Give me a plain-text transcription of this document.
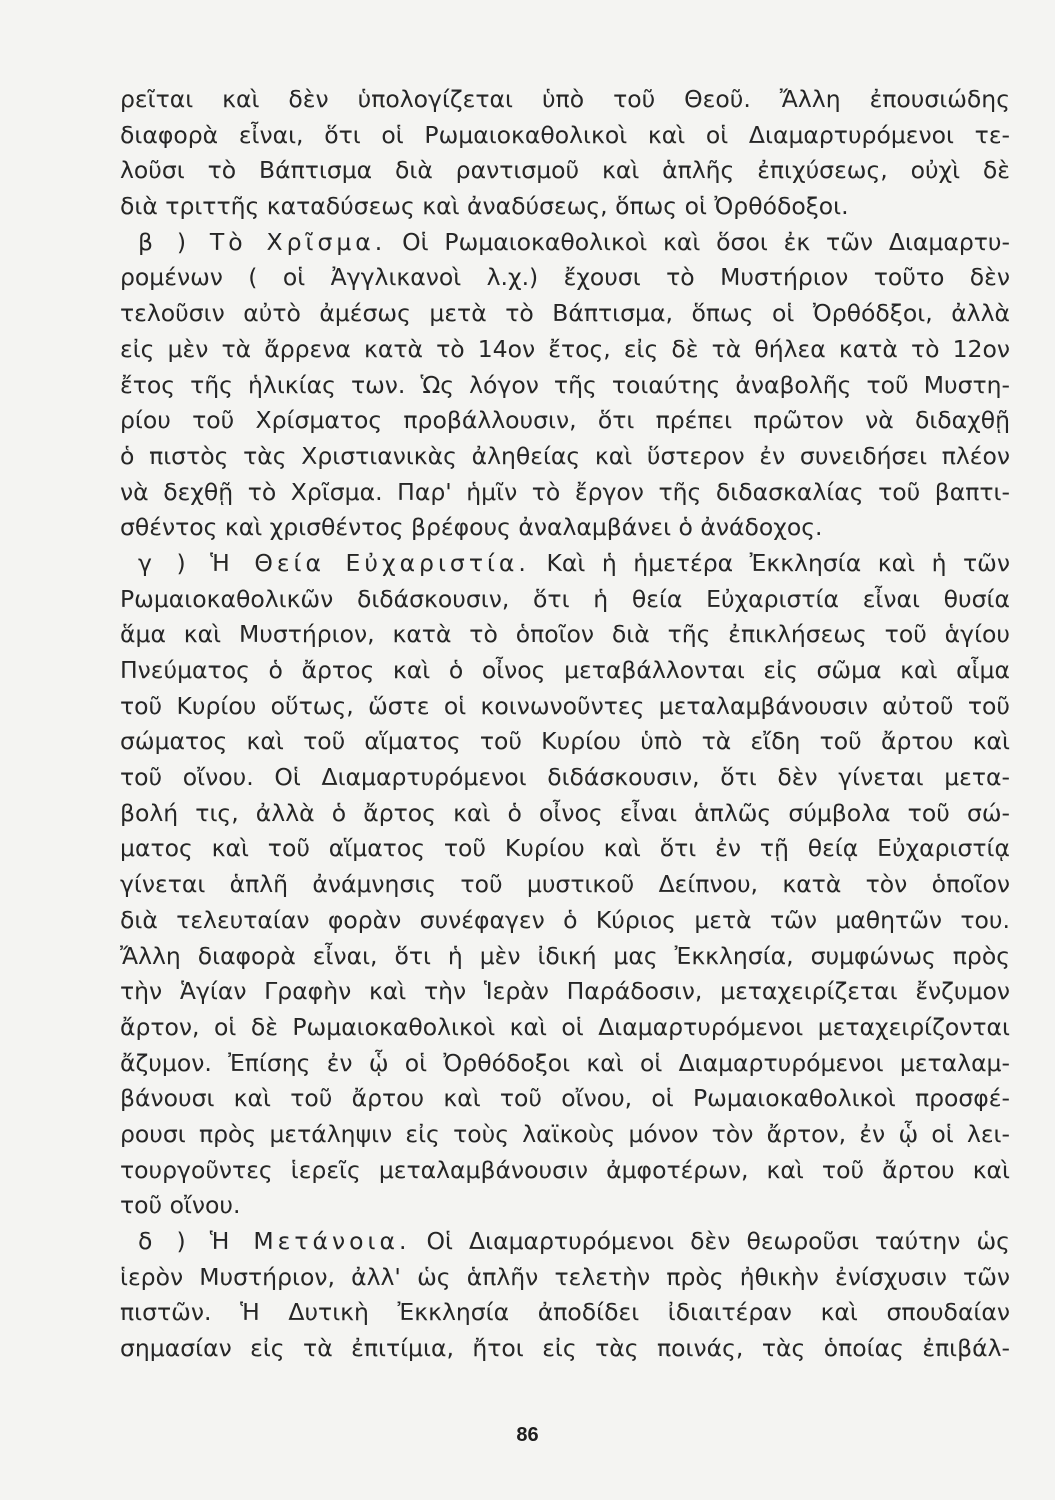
ρεῖται καὶ δὲν ὑπολογίζεται ὑπὸ τοῦ Θεοῦ. Ἄλλη ἐπουσιώδης
διαφορὰ εἶναι, ὅτι οἱ Ρωμαιοκαθολικοὶ καὶ οἱ Διαμαρτυρόμενοι τε-
λοῦσι τὸ Βάπτισμα διὰ ραντισμοῦ καὶ ἁπλῆς ἐπιχύσεως, οὐχὶ δὲ
διὰ τριττῆς καταδύσεως καὶ ἀναδύσεως, ὅπως οἱ Ὀρθόδοξοι.
β ) Τὸ Χρῖσμα. Οἱ Ρωμαιοκαθολικοὶ καὶ ὅσοι ἐκ τῶν Διαμαρτυ-
ρομένων ( οἱ Ἀγγλικανοὶ λ.χ.) ἔχουσι τὸ Μυστήριον τοῦτο δὲν
τελοῦσιν αὐτὸ ἀμέσως μετὰ τὸ Βάπτισμα, ὅπως οἱ Ὀρθόδξοι, ἀλλὰ
εἰς μὲν τὰ ἄρρενα κατὰ τὸ 14ον ἔτος, εἰς δὲ τὰ θήλεα κατὰ τὸ 12ον
ἔτος τῆς ἡλικίας των. Ὡς λόγον τῆς τοιαύτης ἀναβολῆς τοῦ Μυστη-
ρίου τοῦ Χρίσματος προβάλλουσιν, ὅτι πρέπει πρῶτον νὰ διδαχθῇ
ὁ πιστὸς τὰς Χριστιανικὰς ἀληθείας καὶ ὕστερον ἐν συνειδήσει πλέον
νὰ δεχθῇ τὸ Χρῖσμα. Παρ' ἡμῖν τὸ ἔργον τῆς διδασκαλίας τοῦ βαπτι-
σθέντος καὶ χρισθέντος βρέφους ἀναλαμβάνει ὁ ἀνάδοχος.
γ ) Ἡ Θεία Εὐχαριστία. Καὶ ἡ ἡμετέρα Ἐκκλησία καὶ ἡ τῶν
Ρωμαιοκαθολικῶν διδάσκουσιν, ὅτι ἡ θεία Εὐχαριστία εἶναι θυσία
ἅμα καὶ Μυστήριον, κατὰ τὸ ὁποῖον διὰ τῆς ἐπικλήσεως τοῦ ἁγίου
Πνεύματος ὁ ἄρτος καὶ ὁ οἶνος μεταβάλλονται εἰς σῶμα καὶ αἷμα
τοῦ Κυρίου οὕτως, ὥστε οἱ κοινωνοῦντες μεταλαμβάνουσιν αὐτοῦ τοῦ
σώματος καὶ τοῦ αἵματος τοῦ Κυρίου ὑπὸ τὰ εἴδη τοῦ ἄρτου καὶ
τοῦ οἴνου. Οἱ Διαμαρτυρόμενοι διδάσκουσιν, ὅτι δὲν γίνεται μετα-
βολή τις, ἀλλὰ ὁ ἄρτος καὶ ὁ οἶνος εἶναι ἁπλῶς σύμβολα τοῦ σώ-
ματος καὶ τοῦ αἵματος τοῦ Κυρίου καὶ ὅτι ἐν τῇ θείᾳ Εὐχαριστίᾳ
γίνεται ἁπλῆ ἀνάμνησις τοῦ μυστικοῦ Δείπνου, κατὰ τὸν ὁποῖον
διὰ τελευταίαν φορὰν συνέφαγεν ὁ Κύριος μετὰ τῶν μαθητῶν του.
Ἄλλη διαφορὰ εἶναι, ὅτι ἡ μὲν ἰδική μας Ἐκκλησία, συμφώνως πρὸς
τὴν Ἁγίαν Γραφὴν καὶ τὴν Ἱερὰν Παράδοσιν, μεταχειρίζεται ἔνζυμον
ἄρτον, οἱ δὲ Ρωμαιοκαθολικοὶ καὶ οἱ Διαμαρτυρόμενοι μεταχειρίζονται
ἄζυμον. Ἐπίσης ἐν ᾧ οἱ Ὀρθόδοξοι καὶ οἱ Διαμαρτυρόμενοι μεταλαμ-
βάνουσι καὶ τοῦ ἄρτου καὶ τοῦ οἴνου, οἱ Ρωμαιοκαθολικοὶ προσφέ-
ρουσι πρὸς μετάληψιν εἰς τοὺς λαϊκοὺς μόνον τὸν ἄρτον, ἐν ᾧ οἱ λει-
τουργοῦντες ἱερεῖς μεταλαμβάνουσιν ἀμφοτέρων, καὶ τοῦ ἄρτου καὶ
τοῦ οἴνου.
δ ) Ἡ Μετάνοια. Οἱ Διαμαρτυρόμενοι δὲν θεωροῦσι ταύτην ὡς
ἱερὸν Μυστήριον, ἀλλ' ὡς ἁπλῆν τελετὴν πρὸς ἠθικὴν ἐνίσχυσιν τῶν
πιστῶν. Ἡ Δυτικὴ Ἐκκλησία ἀποδίδει ἰδιαιτέραν καὶ σπουδαίαν
σημασίαν εἰς τὰ ἐπιτίμια, ἤτοι εἰς τὰς ποινάς, τὰς ὁποίας ἐπιβάλ-
86
